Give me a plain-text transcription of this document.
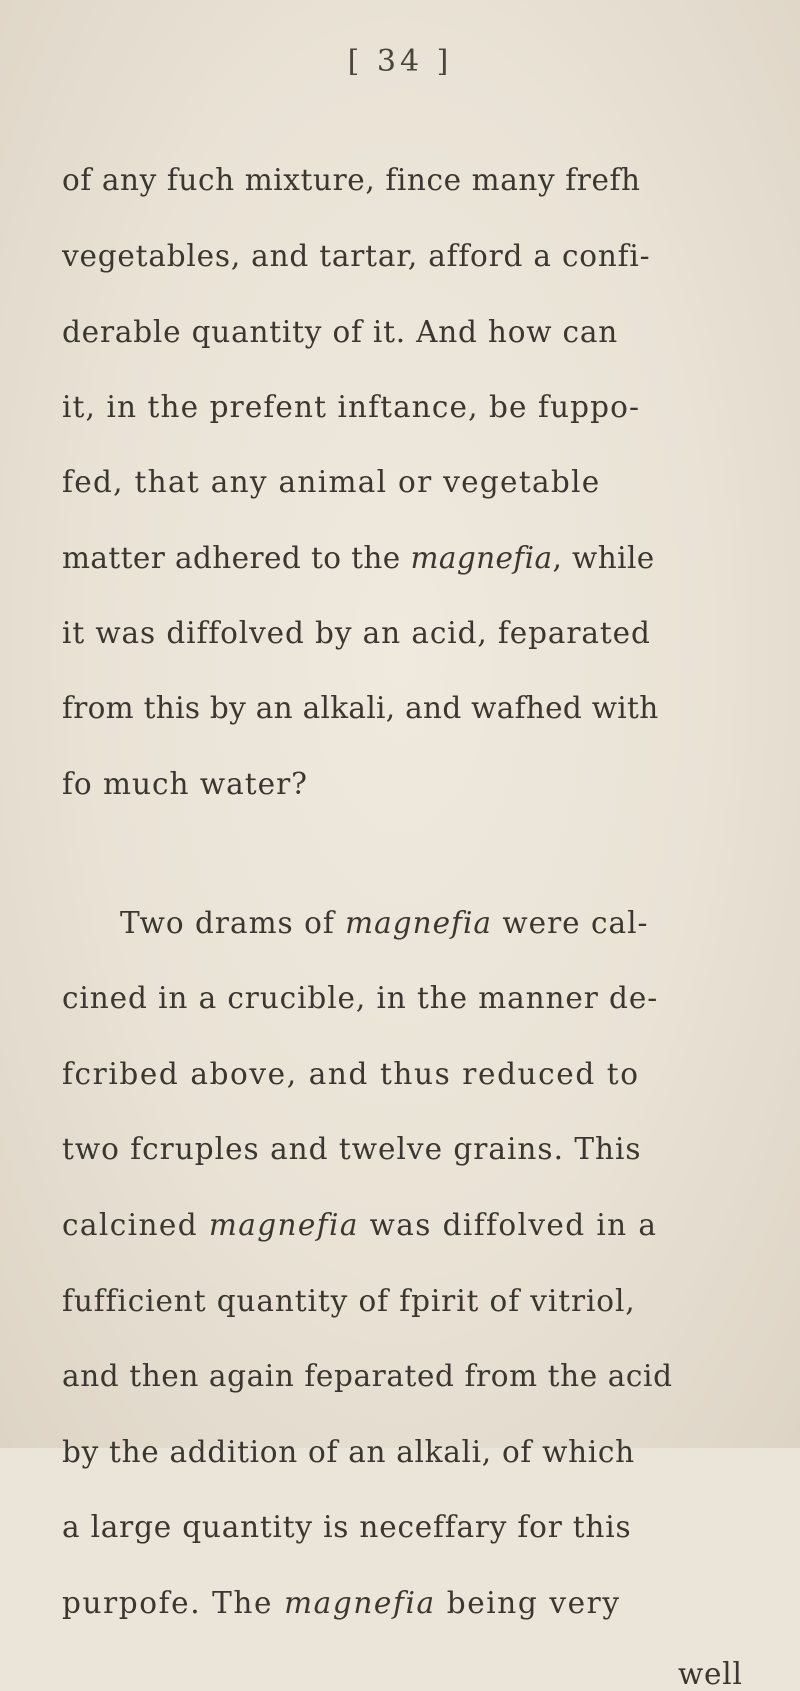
[ 34 ]
of any fuch mixture, fince many frefh
vegetables, and tartar, afford a confi-
derable quantity of it. And how can
it, in the prefent inftance, be fuppo-
fed, that any animal or vegetable
matter adhered to the magnefia, while
it was diffolved by an acid, feparated
from this by an alkali, and wafhed with
fo much water?
Two drams of magnefia were cal-
cined in a crucible, in the manner de-
fcribed above, and thus reduced to
two fcruples and twelve grains. This
calcined magnefia was diffolved in a
fufficient quantity of fpirit of vitriol,
and then again feparated from the acid
by the addition of an alkali, of which
a large quantity is neceffary for this
purpofe. The magnefia being very
well
